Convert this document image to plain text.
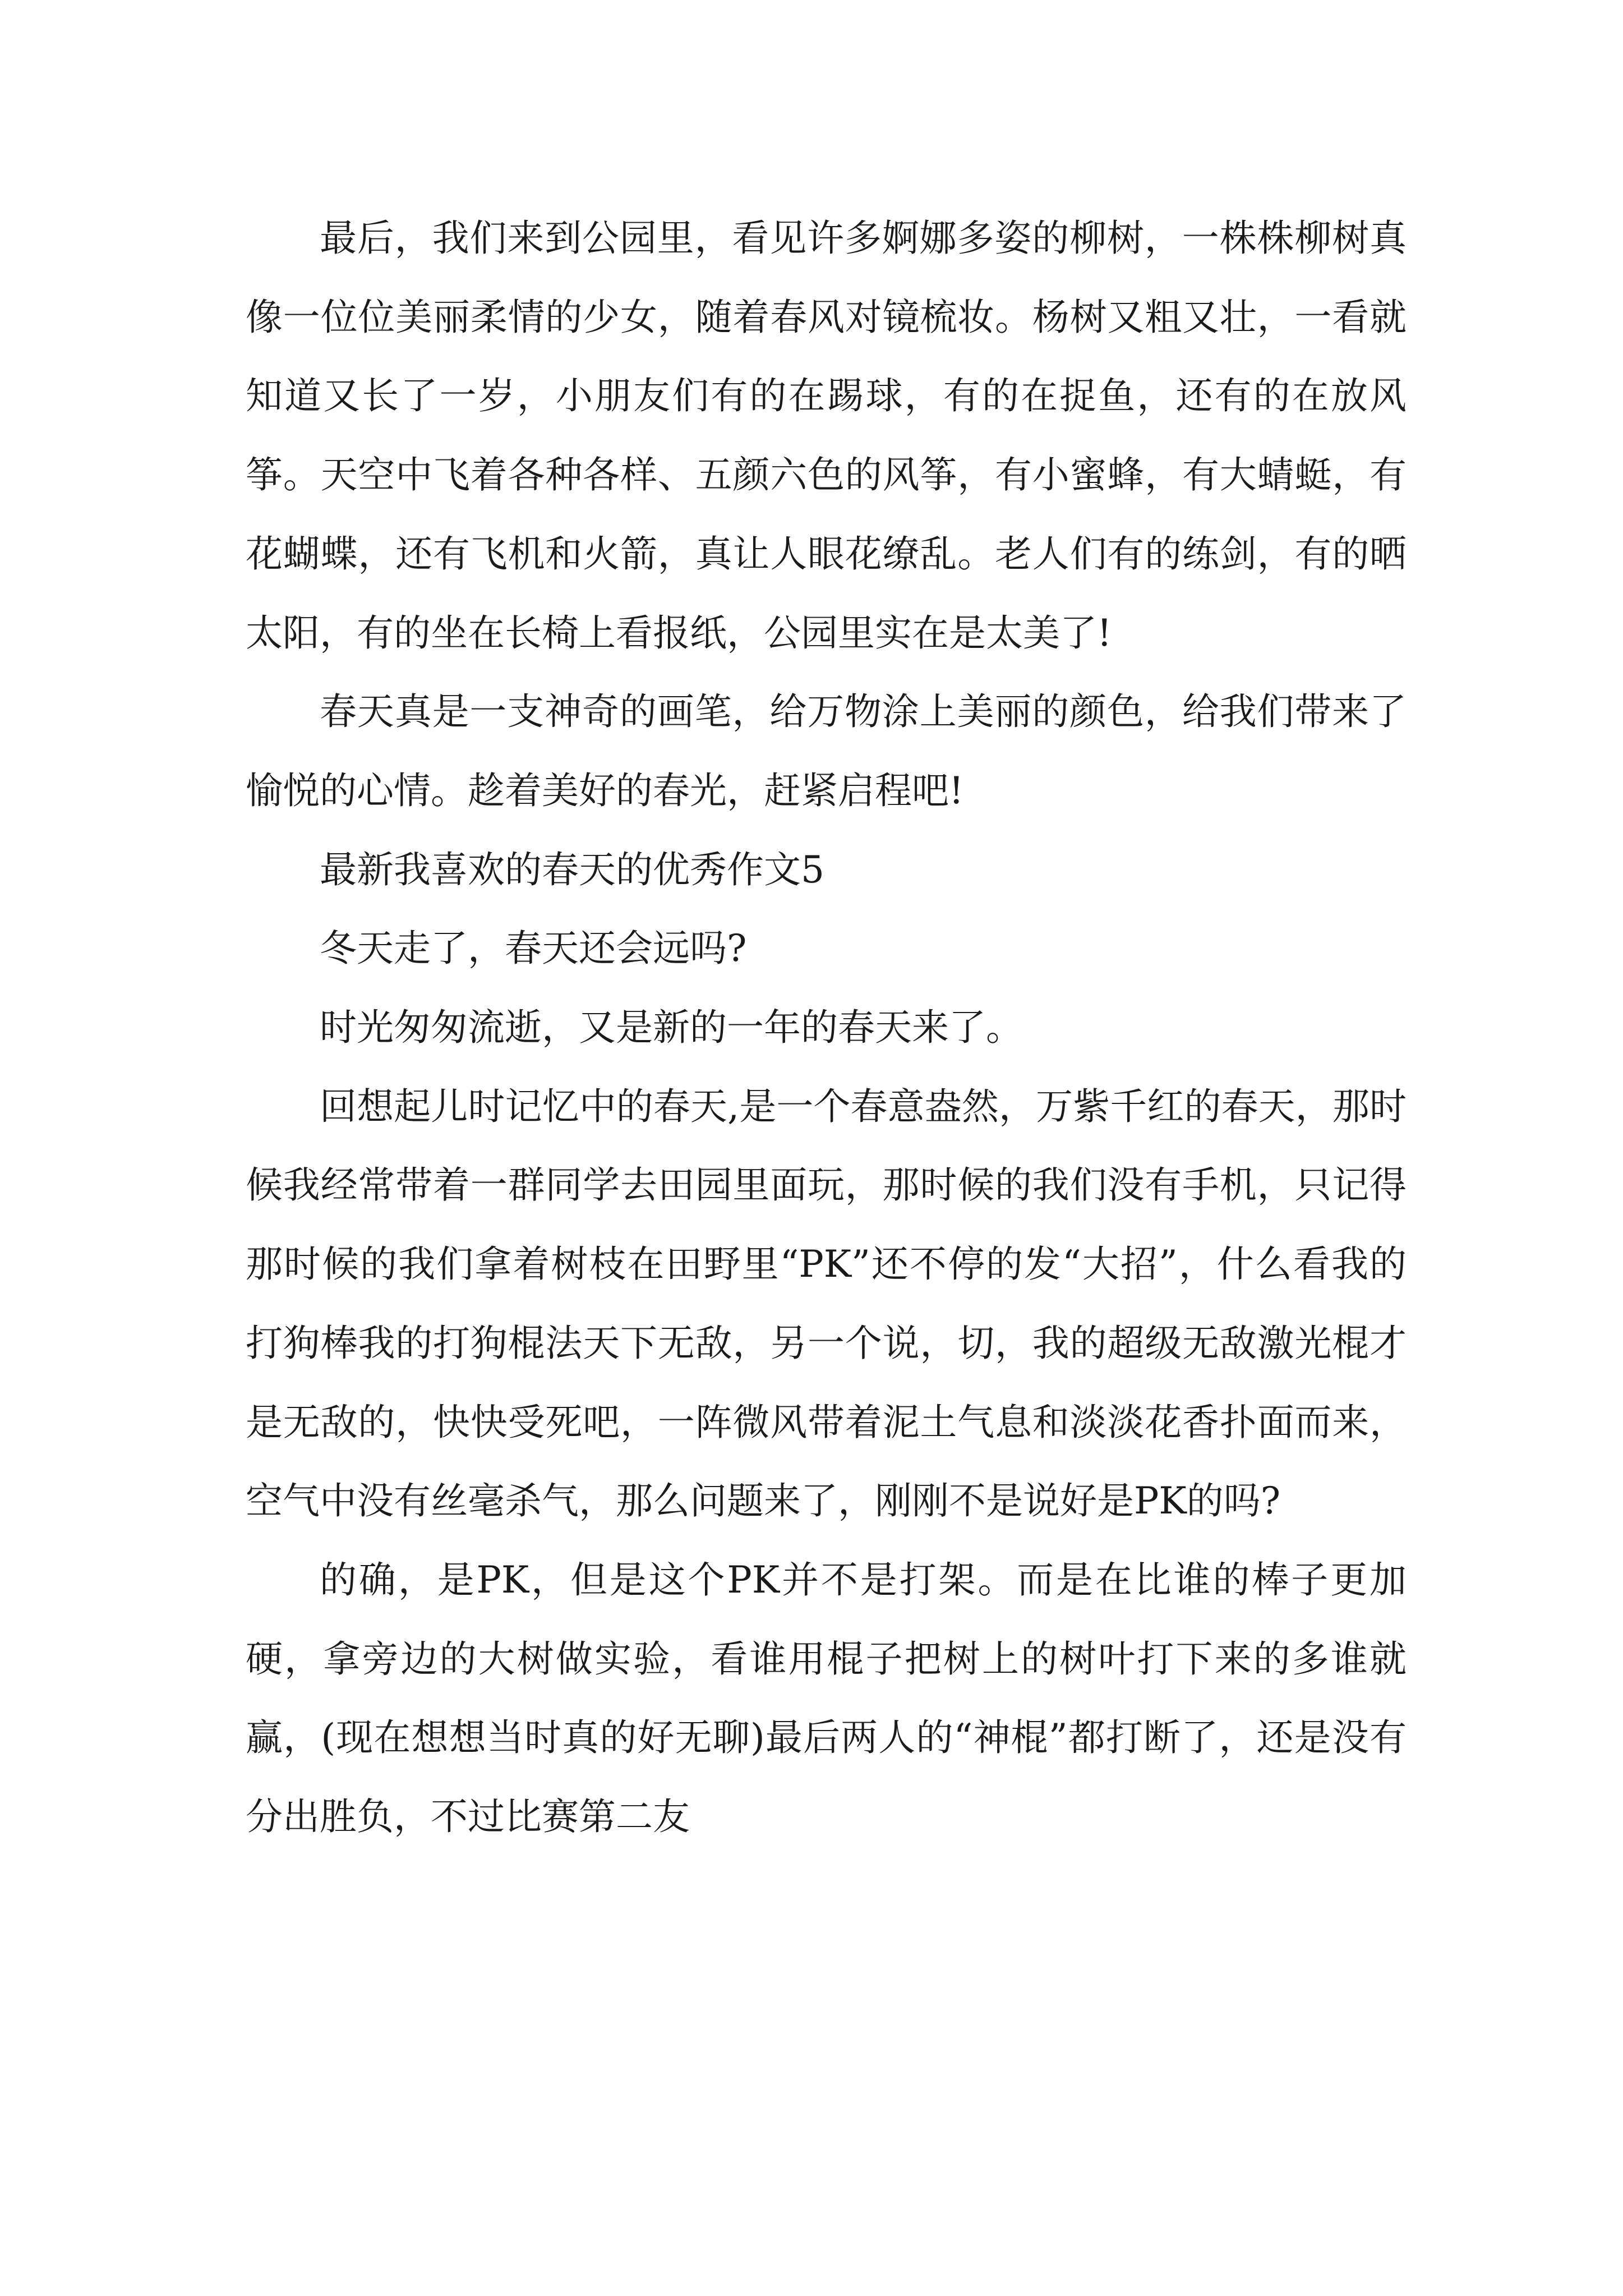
最后，我们来到公园里，看见许多婀娜多姿的柳树，一株株柳树真像一位位美丽柔情的少女，随着春风对镜梳妆。杨树又粗又壮，一看就知道又长了一岁，小朋友们有的在踢球，有的在捉鱼，还有的在放风筝。天空中飞着各种各样、五颜六色的风筝，有小蜜蜂，有大蜻蜓，有花蝴蝶，还有飞机和火箭，真让人眼花缭乱。老人们有的练剑，有的晒太阳，有的坐在长椅上看报纸，公园里实在是太美了!

春天真是一支神奇的画笔，给万物涂上美丽的颜色，给我们带来了愉悦的心情。趁着美好的春光，赶紧启程吧!

最新我喜欢的春天的优秀作文5

冬天走了，春天还会远吗?

时光匆匆流逝，又是新的一年的春天来了。

回想起儿时记忆中的春天,是一个春意盎然，万紫千红的春天，那时候我经常带着一群同学去田园里面玩，那时候的我们没有手机，只记得那时候的我们拿着树枝在田野里“PK”还不停的发“大招”，什么看我的打狗棒我的打狗棍法天下无敌，另一个说，切，我的超级无敌激光棍才是无敌的，快快受死吧，一阵微风带着泥土气息和淡淡花香扑面而来，空气中没有丝毫杀气，那么问题来了，刚刚不是说好是PK的吗?

的确，是PK，但是这个PK并不是打架。而是在比谁的棒子更加硬，拿旁边的大树做实验，看谁用棍子把树上的树叶打下来的多谁就赢，(现在想想当时真的好无聊)最后两人的“神棍”都打断了，还是没有分出胜负，不过比赛第二友
